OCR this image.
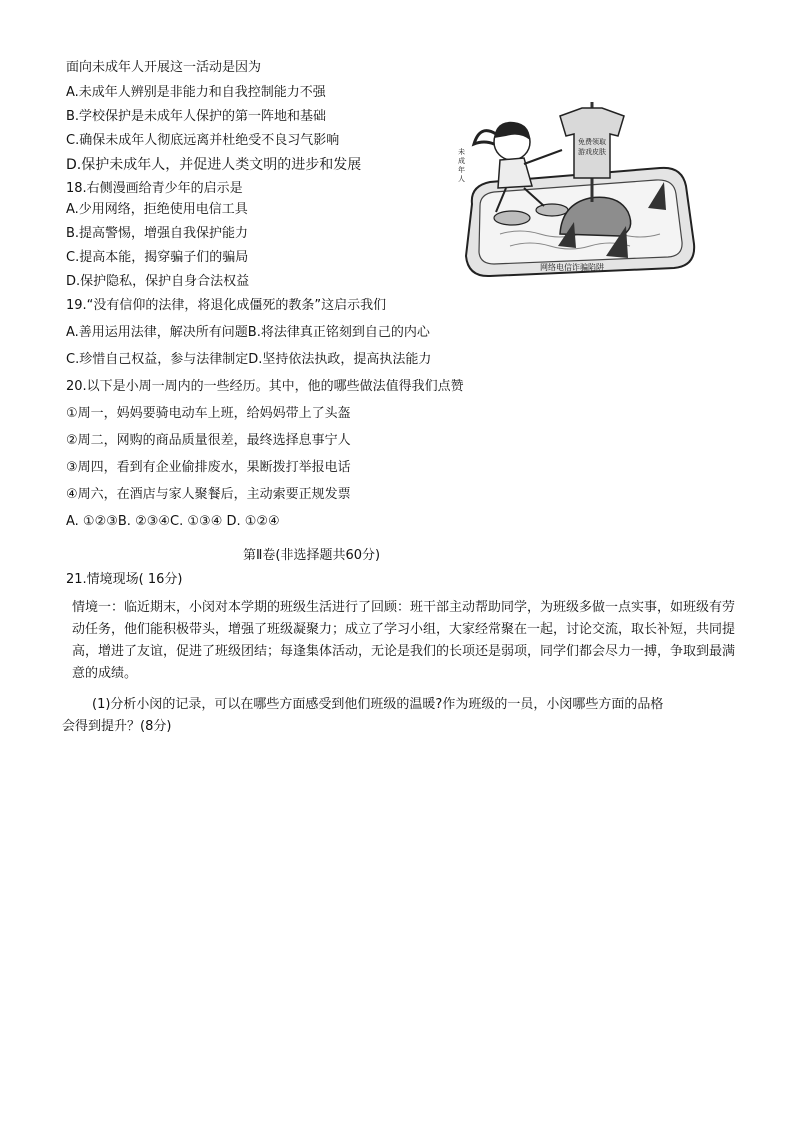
面向未成年人开展这一活动是因为
A.未成年人辨别是非能力和自我控制能力不强
B.学校保护是未成年人保护的第一阵地和基础
C.确保未成年人彻底远离并杜绝受不良习气影响
D.保护未成年人，并促进人类文明的进步和发展
18.右侧漫画给青少年的启示是
A.少用网络，拒绝使用电信工具
B.提高警惕，增强自我保护能力
C.提高本能，揭穿骗子们的骗局
D.保护隐私，保护自身合法权益
免费领取
游戏皮肤
未
成
年
人
网络电信诈骗陷阱
19.“没有信仰的法律，将退化成僵死的教条”这启示我们
A.善用运用法律，解决所有问题B.将法律真正铭刻到自己的内心
C.珍惜自己权益，参与法律制定D.坚持依法执政，提高执法能力
20.以下是小周一周内的一些经历。其中，他的哪些做法值得我们点赞
①周一，妈妈要骑电动车上班，给妈妈带上了头盔
②周二，网购的商品质量很差，最终选择息事宁人
③周四，看到有企业偷排废水，果断拨打举报电话
④周六，在酒店与家人聚餐后，主动索要正规发票
A. ①②③B. ②③④C. ①③④ D. ①②④
第Ⅱ卷(非选择题共60分)
21.情境现场( 16分)
情境一：临近期末，小闵对本学期的班级生活进行了回顾：班干部主动帮助同学，为班级多做一点实事，如班级有劳动任务，他们能积极带头，增强了班级凝聚力；成立了学习小组，大家经常聚在一起，讨论交流，取长补短，共同提高，增进了友谊，促进了班级团结；每逢集体活动，无论是我们的长项还是弱项，同学们都会尽力一搏，争取到最满意的成绩。
(1)分析小闵的记录，可以在哪些方面感受到他们班级的温暖?作为班级的一员，小闵哪些方面的品格
会得到提升？(8分)
